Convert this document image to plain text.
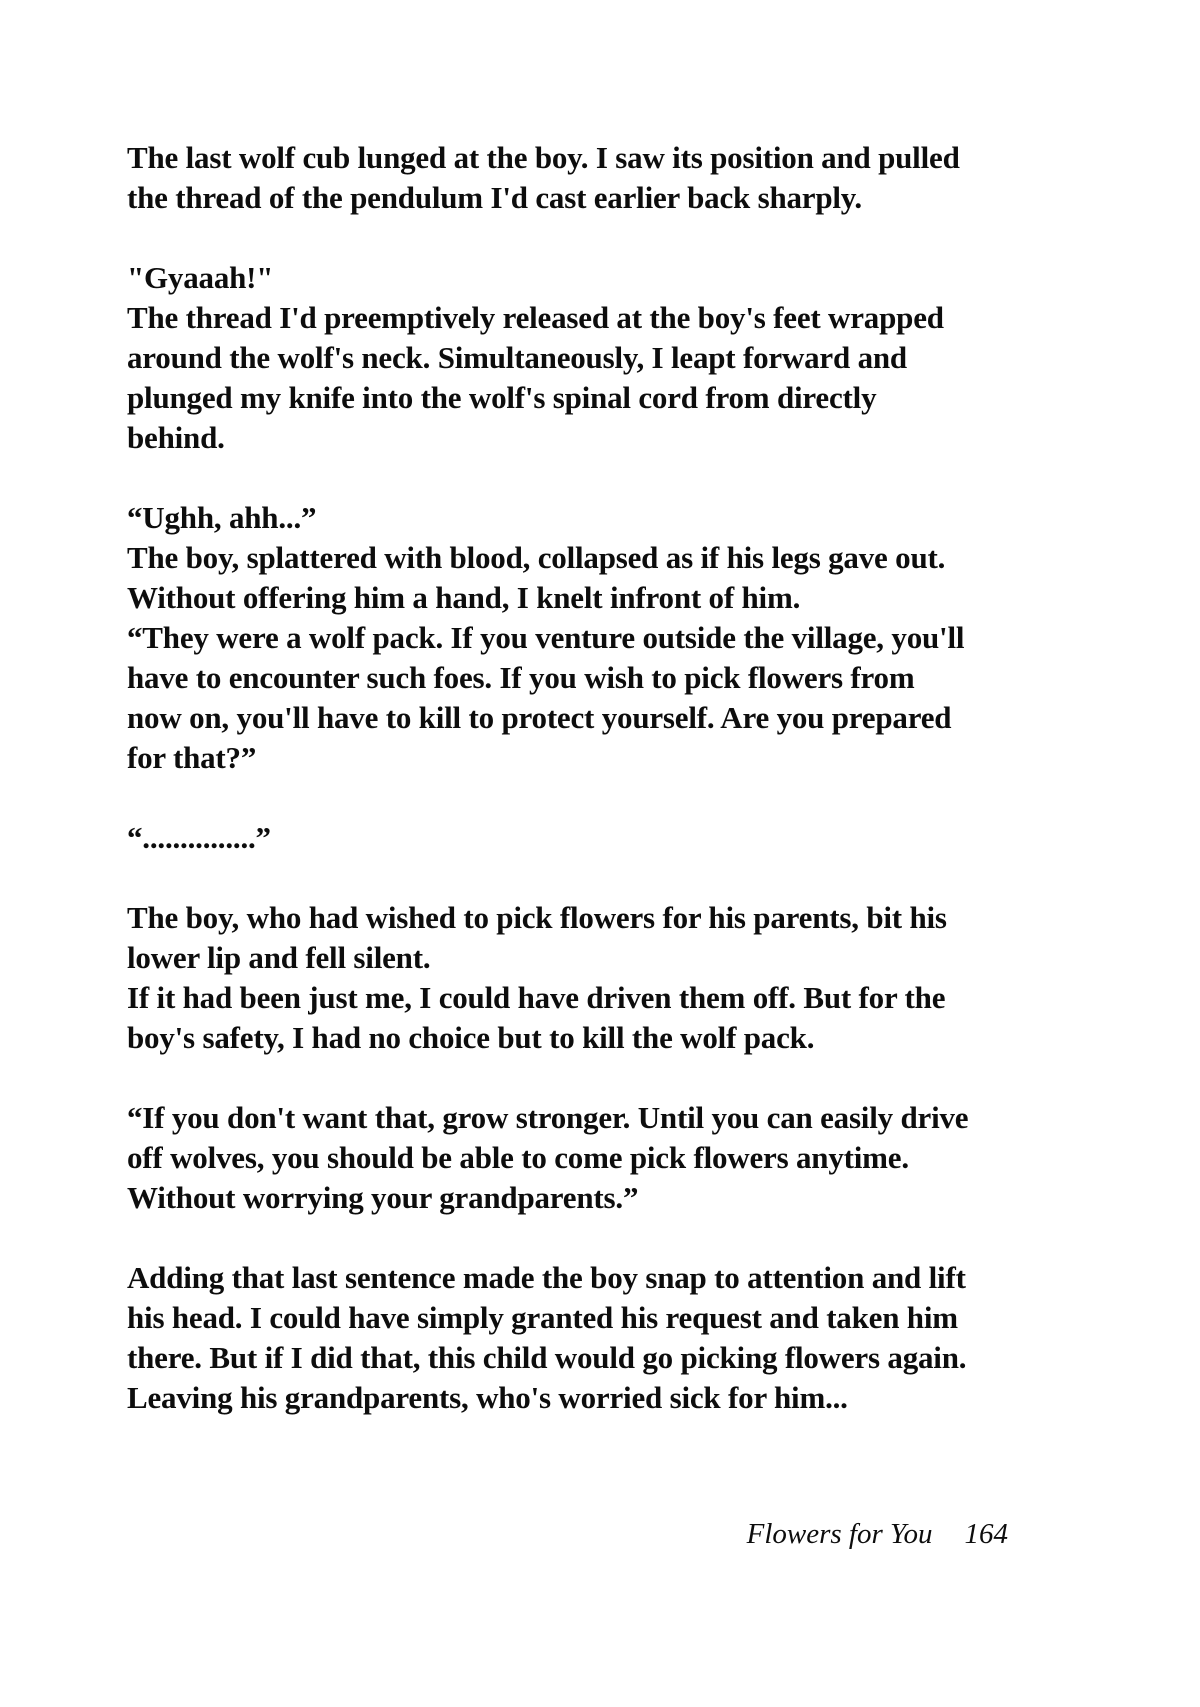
The last wolf cub lunged at the boy. I saw its position and pulled
the thread of the pendulum I'd cast earlier back sharply.
"Gyaaah!"
The thread I'd preemptively released at the boy's feet wrapped
around the wolf's neck. Simultaneously, I leapt forward and
plunged my knife into the wolf's spinal cord from directly
behind.
“Ughh, ahh...”
The boy, splattered with blood, collapsed as if his legs gave out.
Without offering him a hand, I knelt infront of him.
“They were a wolf pack. If you venture outside the village, you'll
have to encounter such foes. If you wish to pick flowers from
now on, you'll have to kill to protect yourself. Are you prepared
for that?”
“...............”
The boy, who had wished to pick flowers for his parents, bit his
lower lip and fell silent.
If it had been just me, I could have driven them off. But for the
boy's safety, I had no choice but to kill the wolf pack.
“If you don't want that, grow stronger. Until you can easily drive
off wolves, you should be able to come pick flowers anytime.
Without worrying your grandparents.”
Adding that last sentence made the boy snap to attention and lift
his head. I could have simply granted his request and taken him
there. But if I did that, this child would go picking flowers again.
Leaving his grandparents, who's worried sick for him...
Flowers for You 164
